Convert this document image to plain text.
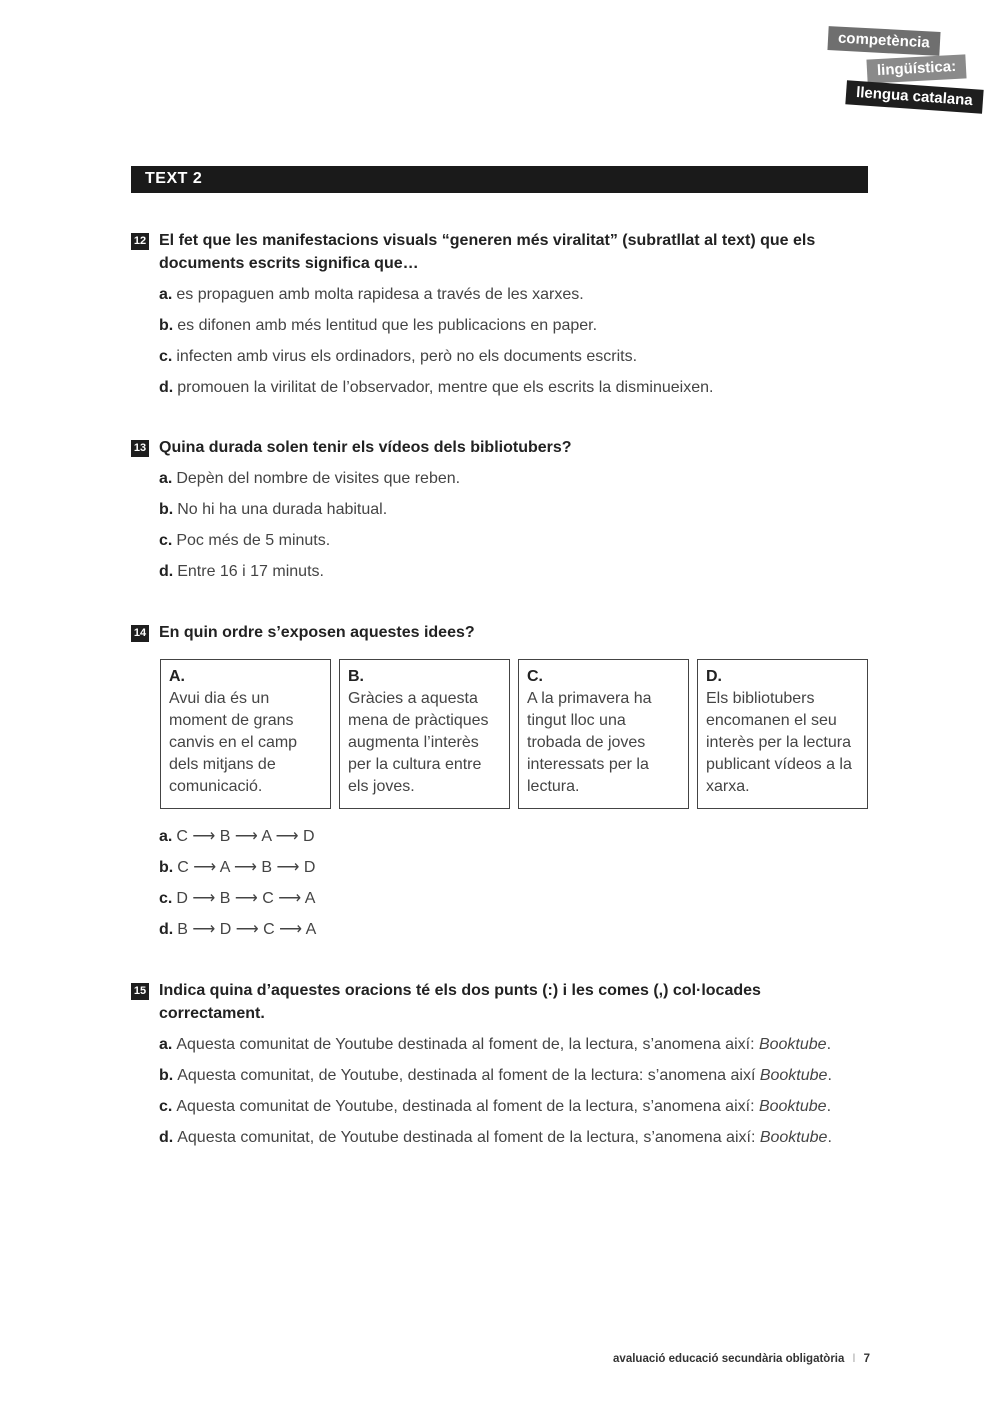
competència
lingüística:
llengua catalana
TEXT 2
12 El fet que les manifestacions visuals “generen més viralitat” (subratllat al text) que els documents escrits significa que…
a. es propaguen amb molta rapidesa a través de les xarxes.
b. es difonen amb més lentitud que les publicacions en paper.
c. infecten amb virus els ordinadors, però no els documents escrits.
d. promouen la virilitat de l’observador, mentre que els escrits la disminueixen.
13 Quina durada solen tenir els vídeos dels bibliotubers?
a. Depèn del nombre de visites que reben.
b. No hi ha una durada habitual.
c. Poc més de 5 minuts.
d. Entre 16 i 17 minuts.
14 En quin ordre s’exposen aquestes idees?
A.
Avui dia és un moment de grans canvis en el camp dels mitjans de comunicació.
B.
Gràcies a aquesta mena de pràctiques augmenta l’interès per la cultura entre els joves.
C.
A la primavera ha tingut lloc una trobada de joves interessats per la lectura.
D.
Els bibliotubers encomanen el seu interès per la lectura publicant vídeos a la xarxa.
a. C ⟶ B ⟶ A ⟶ D
b. C ⟶ A ⟶ B ⟶ D
c. D ⟶ B ⟶ C ⟶ A
d. B ⟶ D ⟶ C ⟶ A
15 Indica quina d’aquestes oracions té els dos punts (:) i les comes (,) col·locades correctament.
a. Aquesta comunitat de Youtube destinada al foment de, la lectura, s’anomena així: Booktube.
b. Aquesta comunitat, de Youtube, destinada al foment de la lectura: s’anomena així Booktube.
c. Aquesta comunitat de Youtube, destinada al foment de la lectura, s’anomena així: Booktube.
d. Aquesta comunitat, de Youtube destinada al foment de la lectura, s’anomena així: Booktube.
avaluació educació secundària obligatòria I 7
